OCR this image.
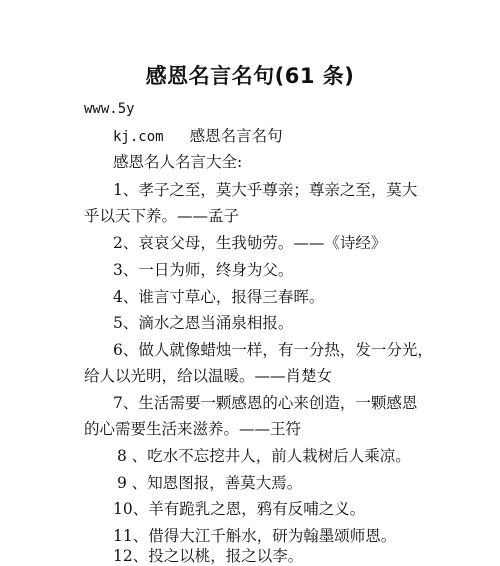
感恩名言名句(61 条)
www.5y
kj.com 感恩名言名句
感恩名人名言大全:
1、孝子之至，莫大乎尊亲；尊亲之至，莫大
乎以天下养。——孟子
2、哀哀父母，生我劬劳。——《诗经》
3、一日为师，终身为父。
4、谁言寸草心，报得三春晖。
5、滴水之恩当涌泉相报。
6、做人就像蜡烛一样，有一分热，发一分光，
给人以光明，给以温暖。——肖楚女
7、生活需要一颗感恩的心来创造，一颗感恩
的心需要生活来滋养。——王符
8 、吃水不忘挖井人，前人栽树后人乘凉。
9 、知恩图报，善莫大焉。
10、羊有跪乳之恩，鸦有反哺之义。
11、借得大江千斛水，研为翰墨颂师恩。
12、投之以桃，报之以李。
